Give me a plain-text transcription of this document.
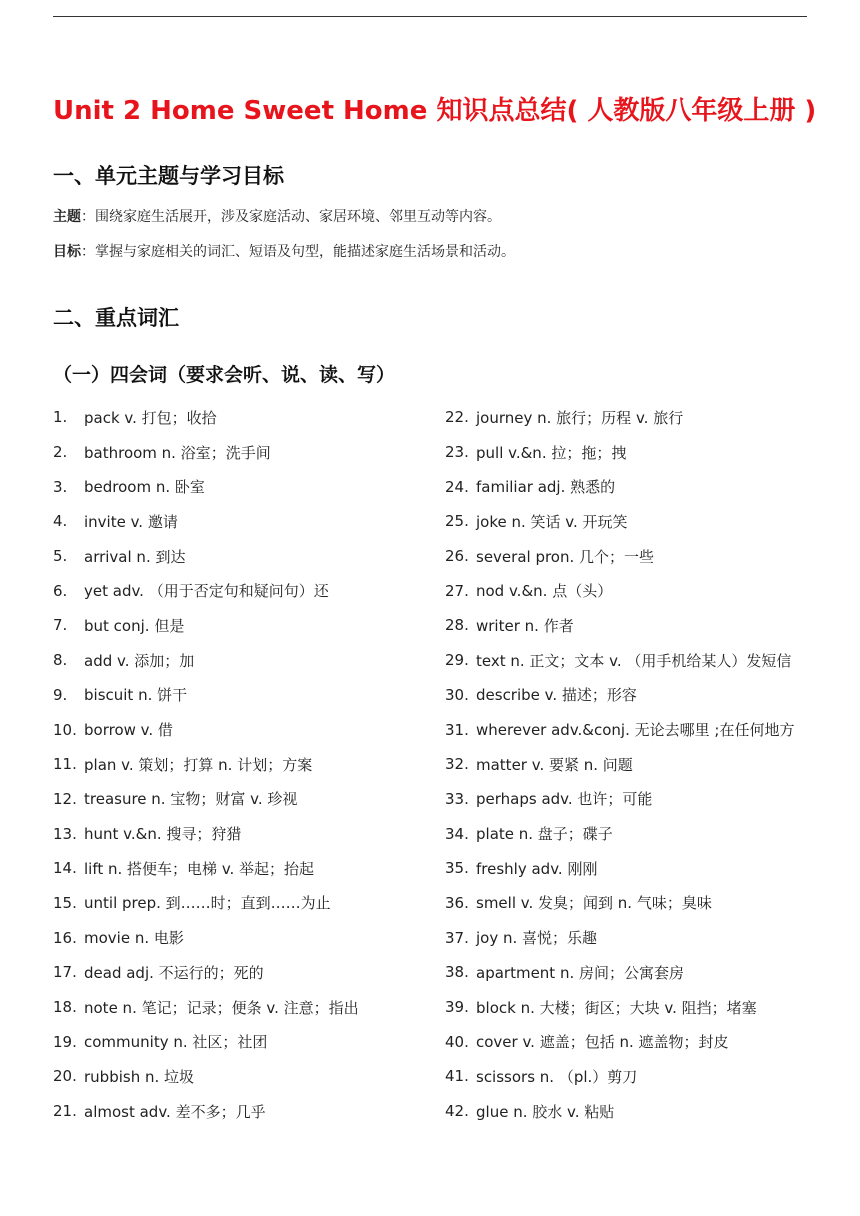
Unit 2 Home Sweet Home 知识点总结( 人教版八年级上册 )
一、单元主题与学习目标
主题：围绕家庭生活展开，涉及家庭活动、家居环境、邻里互动等内容。
目标：掌握与家庭相关的词汇、短语及句型，能描述家庭生活场景和活动。
二、重点词汇
（一）四会词（要求会听、说、读、写）
1.	pack v. 打包；收拾
2.	bathroom n. 浴室；洗手间
3.	bedroom n. 卧室
4.	invite v. 邀请
5.	arrival n. 到达
6.	yet adv. （用于否定句和疑问句）还
7.	but conj. 但是
8.	add v. 添加；加
9.	biscuit n. 饼干
10. borrow v. 借
11. plan v. 策划；打算 n. 计划；方案
12. treasure n. 宝物；财富 v. 珍视
13. hunt v.&n. 搜寻；狩猎
14. lift n. 搭便车；电梯 v. 举起；抬起
15. until prep. 到……时；直到……为止
16. movie n. 电影
17. dead adj. 不运行的；死的
18. note n. 笔记；记录；便条 v. 注意；指出
19. community n. 社区；社团
20. rubbish n. 垃圾
21. almost adv. 差不多；几乎
22. journey n. 旅行；历程 v. 旅行
23. pull v.&n. 拉；拖；拽
24. familiar adj. 熟悉的
25. joke n. 笑话 v. 开玩笑
26. several pron. 几个；一些
27. nod v.&n. 点（头）
28. writer n. 作者
29. text n. 正文；文本 v. （用手机给某人）发短信
30. describe v. 描述；形容
31. wherever adv.&conj. 无论去哪里 ;在任何地方
32. matter v. 要紧 n. 问题
33. perhaps adv. 也许；可能
34. plate n. 盘子；碟子
35. freshly adv. 刚刚
36. smell v. 发臭；闻到 n. 气味；臭味
37. joy n. 喜悦；乐趣
38. apartment n. 房间；公寓套房
39. block n. 大楼；街区；大块 v. 阻挡；堵塞
40. cover v. 遮盖；包括 n. 遮盖物；封皮
41. scissors n. （pl.）剪刀
42. glue n. 胶水 v. 粘贴
